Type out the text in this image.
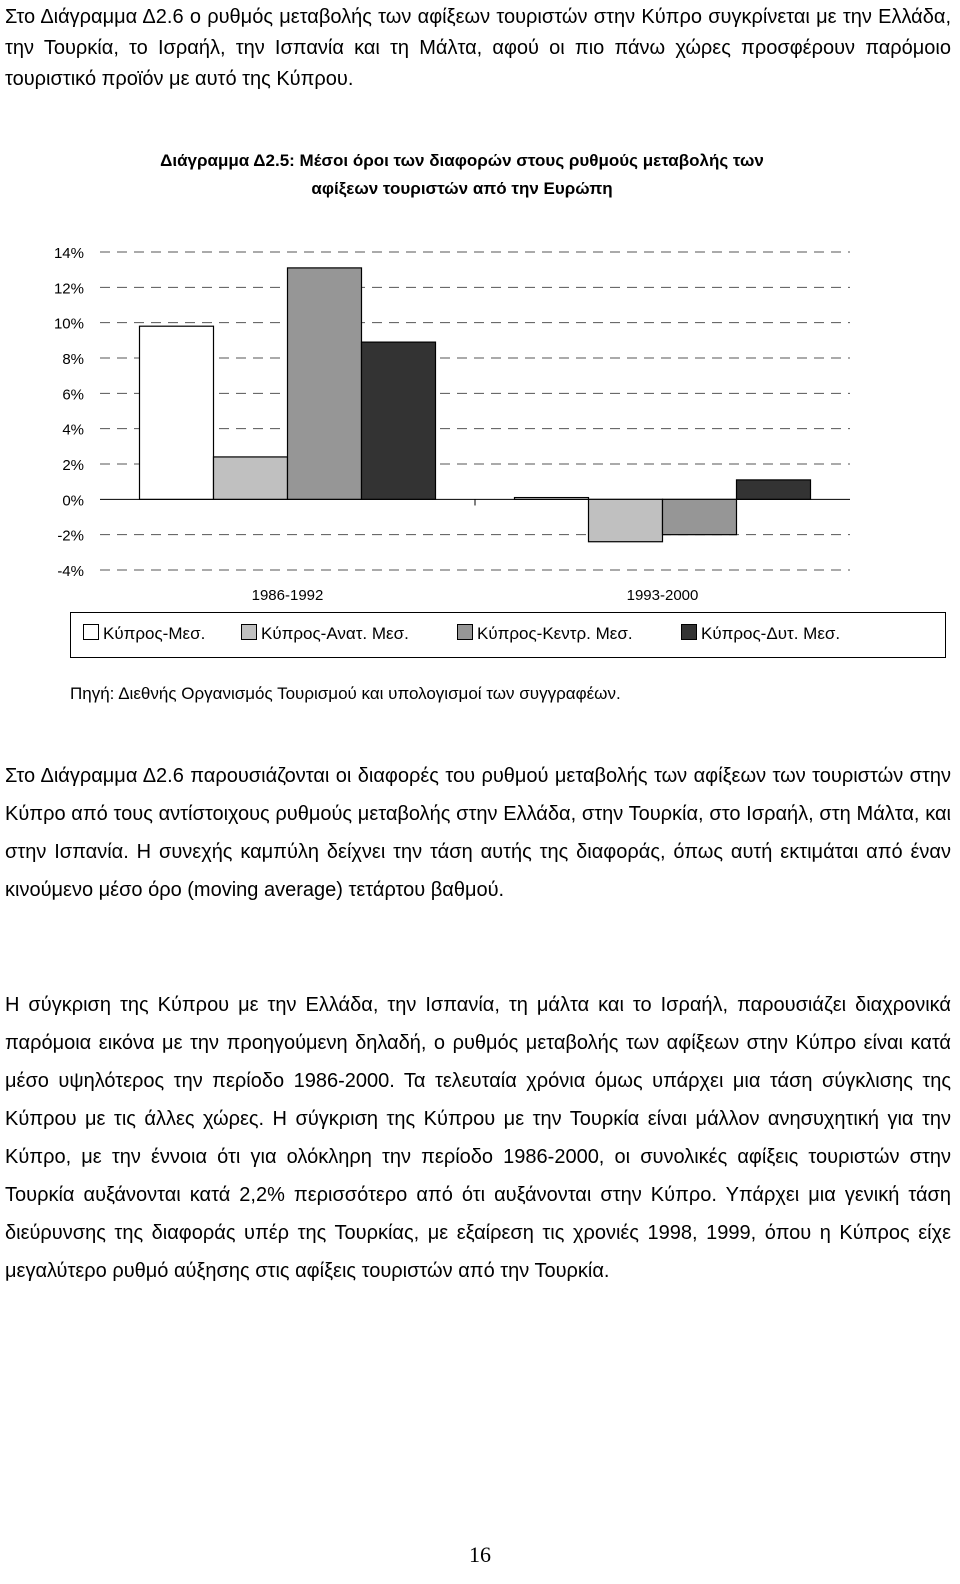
Στο Διάγραμμα Δ2.6 ο ρυθμός μεταβολής των αφίξεων τουριστών στην Κύπρο συγκρίνεται με την Ελλάδα, την Τουρκία, το Ισραήλ, την Ισπανία και τη Μάλτα, αφού οι πιο πάνω χώρες προσφέρουν παρόμοιο τουριστικό προϊόν με αυτό της Κύπρου.

Διάγραμμα Δ2.5: Μέσοι όροι των διαφορών στους ρυθμούς μεταβολής των
αφίξεων τουριστών από την Ευρώπη
14%
12%
10%
8%
6%
4%
2%
0%
-2%
-4%
1986-1992	1993-2000
Κύπρος-Μεσ.	Κύπρος-Ανατ. Μεσ.	Κύπρος-Κεντρ. Μεσ.	Κύπρος-Δυτ. Μεσ.
Πηγή: Διεθνής Οργανισμός Τουρισμού και υπολογισμοί των συγγραφέων.

Στο Διάγραμμα Δ2.6 παρουσιάζονται οι διαφορές του ρυθμού μεταβολής των αφίξεων των τουριστών στην Κύπρο από τους αντίστοιχους ρυθμούς μεταβολής στην Ελλάδα, στην Τουρκία, στο Ισραήλ, στη Μάλτα, και στην Ισπανία. Η συνεχής καμπύλη δείχνει την τάση αυτής της διαφοράς, όπως αυτή εκτιμάται από έναν κινούμενο μέσο όρο (moving average) τετάρτου βαθμού.

Η σύγκριση της Κύπρου με την Ελλάδα, την Ισπανία, τη μάλτα και το Ισραήλ, παρουσιάζει διαχρονικά παρόμοια εικόνα με την προηγούμενη δηλαδή, ο ρυθμός μεταβολής των αφίξεων στην Κύπρο είναι κατά μέσο υψηλότερος την περίοδο 1986-2000. Τα τελευταία χρόνια όμως υπάρχει μια τάση σύγκλισης της Κύπρου με τις άλλες χώρες. Η σύγκριση της Κύπρου με την Τουρκία είναι μάλλον ανησυχητική για την Κύπρο, με την έννοια ότι για ολόκληρη την περίοδο 1986-2000, οι συνολικές αφίξεις τουριστών στην Τουρκία αυξάνονται κατά 2,2% περισσότερο από ότι αυξάνονται στην Κύπρο. Υπάρχει μια γενική τάση διεύρυνσης της διαφοράς υπέρ της Τουρκίας, με εξαίρεση τις χρονιές 1998, 1999, όπου η Κύπρος είχε μεγαλύτερο ρυθμό αύξησης στις αφίξεις τουριστών από την Τουρκία.

16
